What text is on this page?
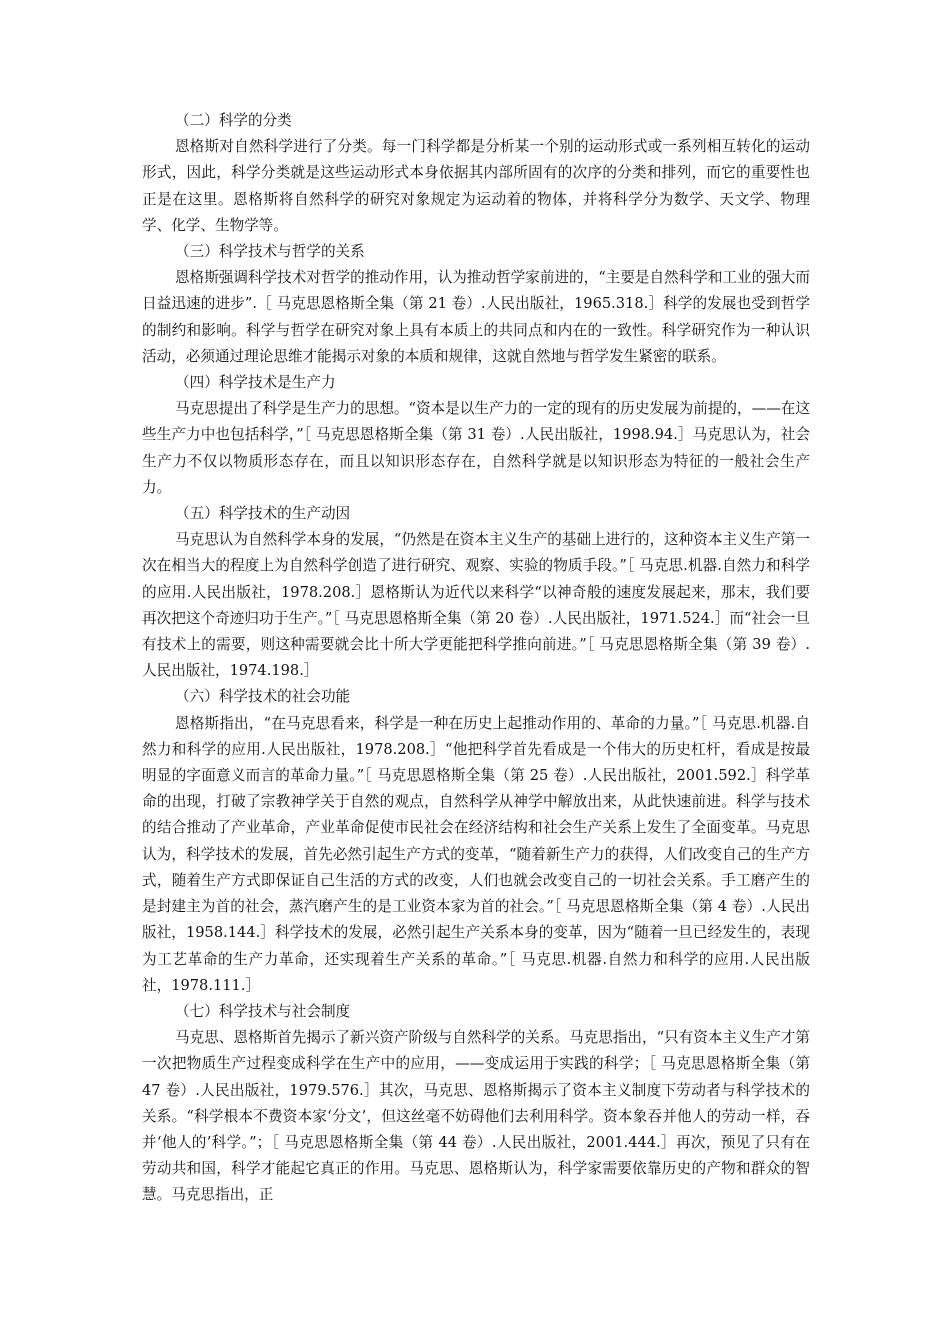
（二）科学的分类

恩格斯对自然科学进行了分类。每一门科学都是分析某一个别的运动形式或一系列相互转化的运动形式，因此，科学分类就是这些运动形式本身依据其内部所固有的次序的分类和排列，而它的重要性也正是在这里。恩格斯将自然科学的研究对象规定为运动着的物体，并将科学分为数学、天文学、物理学、化学、生物学等。

（三）科学技术与哲学的关系

恩格斯强调科学技术对哲学的推动作用，认为推动哲学家前进的，“主要是自然科学和工业的强大而日益迅速的进步”.［ 马克思恩格斯全集（第 21 卷）.人民出版社，1965.318.］科学的发展也受到哲学的制约和影响。科学与哲学在研究对象上具有本质上的共同点和内在的一致性。科学研究作为一种认识活动，必须通过理论思维才能揭示对象的本质和规律，这就自然地与哲学发生紧密的联系。

（四）科学技术是生产力

马克思提出了科学是生产力的思想。“资本是以生产力的一定的现有的历史发展为前提的，——在这些生产力中也包括科学，”［ 马克思恩格斯全集（第 31 卷）.人民出版社，1998.94.］马克思认为，社会生产力不仅以物质形态存在，而且以知识形态存在，自然科学就是以知识形态为特征的一般社会生产力。

（五）科学技术的生产动因

马克思认为自然科学本身的发展，“仍然是在资本主义生产的基础上进行的，这种资本主义生产第一次在相当大的程度上为自然科学创造了进行研究、观察、实验的物质手段。”［ 马克思.机器.自然力和科学的应用.人民出版社，1978.208.］恩格斯认为近代以来科学“以神奇般的速度发展起来，那末，我们要再次把这个奇迹归功于生产。”［ 马克思恩格斯全集（第 20 卷）.人民出版社，1971.524.］而“社会一旦有技术上的需要，则这种需要就会比十所大学更能把科学推向前进。”［ 马克思恩格斯全集（第 39 卷）.人民出版社，1974.198.］

（六）科学技术的社会功能

恩格斯指出，“在马克思看来，科学是一种在历史上起推动作用的、革命的力量。”［ 马克思.机器.自然力和科学的应用.人民出版社，1978.208.］“他把科学首先看成是一个伟大的历史杠杆，看成是按最明显的字面意义而言的革命力量。”［ 马克思恩格斯全集（第 25 卷）.人民出版社，2001.592.］科学革命的出现，打破了宗教神学关于自然的观点，自然科学从神学中解放出来，从此快速前进。科学与技术的结合推动了产业革命，产业革命促使市民社会在经济结构和社会生产关系上发生了全面变革。马克思认为，科学技术的发展，首先必然引起生产方式的变革，“随着新生产力的获得，人们改变自己的生产方式，随着生产方式即保证自己生活的方式的改变，人们也就会改变自己的一切社会关系。手工磨产生的是封建主为首的社会，蒸汽磨产生的是工业资本家为首的社会。”［ 马克思恩格斯全集（第 4 卷）.人民出版社，1958.144.］科学技术的发展，必然引起生产关系本身的变革，因为“随着一旦已经发生的，表现为工艺革命的生产力革命，还实现着生产关系的革命。”［ 马克思.机器.自然力和科学的应用.人民出版社，1978.111.］

（七）科学技术与社会制度

马克思、恩格斯首先揭示了新兴资产阶级与自然科学的关系。马克思指出，“只有资本主义生产才第一次把物质生产过程变成科学在生产中的应用，——变成运用于实践的科学；［ 马克思恩格斯全集（第 47 卷）.人民出版社，1979.576.］其次，马克思、恩格斯揭示了资本主义制度下劳动者与科学技术的关系。“科学根本不费资本家‘分文’，但这丝毫不妨碍他们去利用科学。资本象吞并他人的劳动一样，吞并‘他人的’科学。”；［ 马克思恩格斯全集（第 44 卷）.人民出版社，2001.444.］再次，预见了只有在劳动共和国，科学才能起它真正的作用。马克思、恩格斯认为，科学家需要依靠历史的产物和群众的智慧。马克思指出，正
